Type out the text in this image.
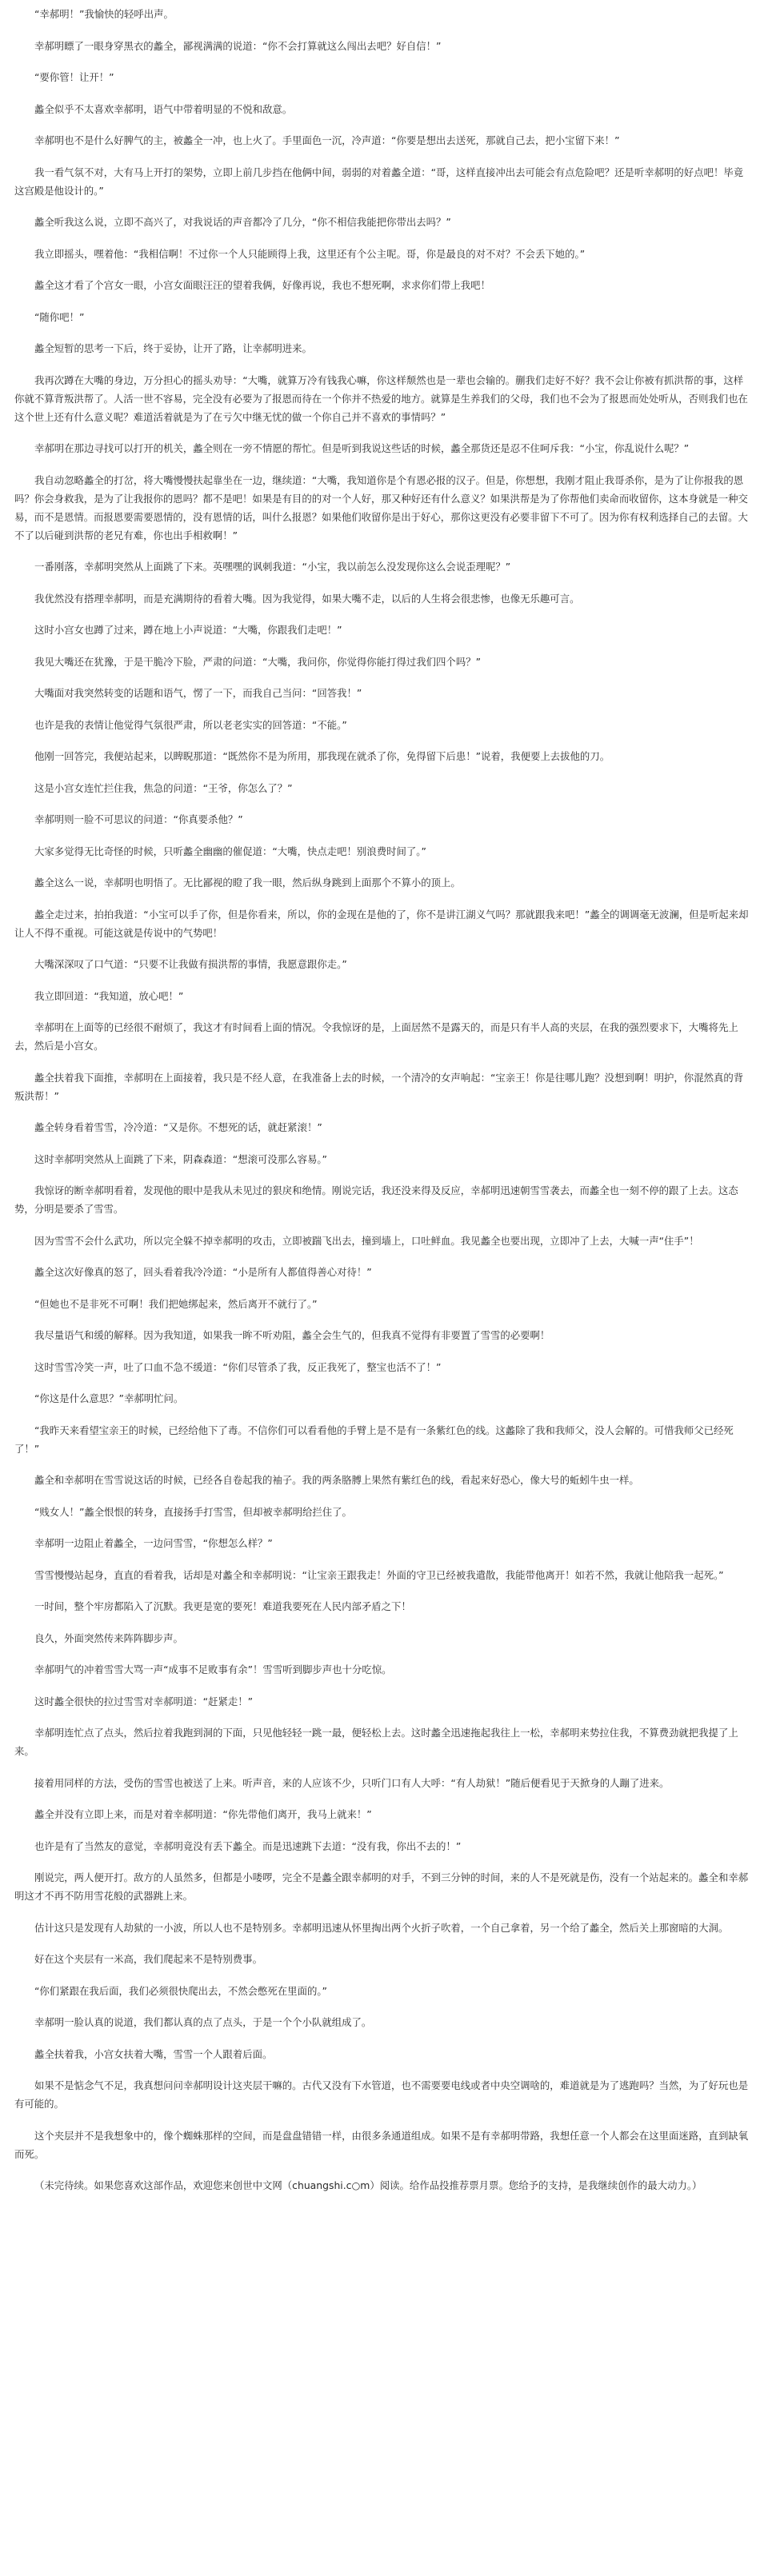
“幸郝明！”我愉快的轻呼出声。

幸郝明瞟了一眼身穿黑衣的蠡全，鄙视满满的说道：“你不会打算就这么闯出去吧？好自信！”

“要你管！让开！”

蠡全似乎不太喜欢幸郝明，语气中带着明显的不悦和敌意。

幸郝明也不是什么好脾气的主，被蠡全一冲，也上火了。手里面色一沉，冷声道：“你要是想出去送死，那就自己去，把小宝留下来！”

我一看气氛不对，大有马上开打的架势，立即上前几步挡在他俩中间，弱弱的对着蠡全道：“哥，这样直接冲出去可能会有点危险吧？还是听幸郝明的好点吧！毕竟这宫殿是他设计的。”

蠡全听我这么说，立即不高兴了，对我说话的声音都冷了几分，“你不相信我能把你带出去吗？”

我立即摇头，嘿着他：“我相信啊！不过你一个人只能顾得上我，这里还有个公主呢。哥，你是最良的对不对？不会丢下她的。”

蠡全这才看了个宫女一眼，小宫女面眼汪汪的望着我俩，好像再说，我也不想死啊，求求你们带上我吧！

“随你吧！”

蠡全短暂的思考一下后，终于妥协，让开了路，让幸郝明进来。

我再次蹲在大嘴的身边，万分担心的摇头劝导：“大嘴，就算万冷有钱我心嘛，你这样颓然也是一辈也会输的。蒯我们走好不好？我不会让你被有抓洪帮的事，这样你就不算背叛洪帮了。人活一世不容易，完全没有必要为了报恩而待在一个你并不热爱的地方。就算是生养我们的父母，我们也不会为了报恩而处处听从，否则我们也在这个世上还有什么意义呢？难道活着就是为了在亏欠中继无忧的做一个你自己并不喜欢的事情吗？”

幸郝明在那边寻找可以打开的机关，蠡全则在一旁不情愿的帮忙。但是听到我说这些话的时候，蠡全那货还是忍不住呵斥我：“小宝，你乱说什么呢？”

我自动忽略蠡全的打岔，将大嘴慢慢扶起靠坐在一边，继续道：“大嘴，我知道你是个有恩必报的汉子。但是，你想想，我刚才阻止我哥杀你，是为了让你报我的恩吗？你会身救我，是为了让我报你的恩吗？都不是吧！如果是有目的的对一个人好，那又种好还有什么意义？如果洪帮是为了你帮他们卖命而收留你，这本身就是一种交易，而不是恩情。而报恩要需要恩情的，没有恩情的话，叫什么报恩？如果他们收留你是出于好心，那你这更没有必要非留下不可了。因为你有权利选择自己的去留。大不了以后碰到洪帮的老兄有难，你也出手相救啊！”

一番刚落，幸郝明突然从上面跳了下来。英嘿嘿的讽刺我道：“小宝，我以前怎么没发现你这么会说歪理呢？”

我优然没有搭理幸郝明，而是充满期待的看着大嘴。因为我觉得，如果大嘴不走，以后的人生将会很悲惨，也像无乐趣可言。

这时小宫女也蹲了过来，蹲在地上小声说道：“大嘴，你跟我们走吧！”

我见大嘴还在犹豫，于是干脆冷下脸，严肃的问道：“大嘴，我问你，你觉得你能打得过我们四个吗？”

大嘴面对我突然转变的话题和语气，愣了一下，而我自己当问：“回答我！”

也许是我的表情让他觉得气氛很严肃，所以老老实实的回答道：“不能。”

他刚一回答完，我便站起来，以睥睨那道：“既然你不是为所用，那我现在就杀了你，免得留下后患！”说着，我便要上去拔他的刀。

这是小宫女连忙拦住我，焦急的问道：“王爷，你怎么了？”

幸郝明则一脸不可思议的问道：“你真要杀他？”

大家多觉得无比奇怪的时候，只听蠡全幽幽的催促道：“大嘴，快点走吧！别浪费时间了。”

蠡全这么一说，幸郝明也明悟了。无比鄙视的瞪了我一眼，然后纵身跳到上面那个不算小的顶上。

蠡全走过来，拍拍我道：“小宝可以手了你，但是你看来，所以，你的金现在是他的了，你不是讲江湖义气吗？那就跟我来吧！”蠡全的调调毫无波澜，但是听起来却让人不得不重视。可能这就是传说中的气势吧！

大嘴深深叹了口气道：“只要不让我做有损洪帮的事情，我愿意跟你走。”

我立即回道：“我知道，放心吧！”

幸郝明在上面等的已经很不耐烦了，我这才有时间看上面的情况。令我惊讶的是，上面居然不是露天的，而是只有半人高的夹层，在我的强烈要求下，大嘴将先上去，然后是小宫女。

蠡全扶着我下面推，幸郝明在上面接着，我只是不经人意，在我准备上去的时候，一个清冷的女声响起：“宝亲王！你是往哪儿跑？没想到啊！明护，你混然真的背叛洪帮！”

蠡全转身看着雪雪，冷冷道：“又是你。不想死的话，就赶紧滚！”

这时幸郝明突然从上面跳了下来，阴森森道：“想滚可没那么容易。”

我惊讶的断幸郝明看着，发现他的眼中是我从未见过的狠戾和绝情。刚说完话，我还没来得及反应，幸郝明迅速朝雪雪袭去，而蠡全也一刻不停的跟了上去。这态势，分明是要杀了雪雪。

因为雪雪不会什么武功，所以完全躲不掉幸郝明的攻击，立即被踹飞出去，撞到墙上，口吐鲜血。我见蠡全也要出现，立即冲了上去，大喊一声“住手”！

蠡全这次好像真的怒了，回头看着我冷冷道：“小是所有人都值得善心对待！”

“但她也不是非死不可啊！我们把她绑起来，然后离开不就行了。”

我尽量语气和缓的解释。因为我知道，如果我一眸不听劝阻，蠡全会生气的，但我真不觉得有非要置了雪雪的必要啊！

这时雪雪冷笑一声，吐了口血不急不缓道：“你们尽管杀了我，反正我死了，整宝也活不了！”

“你这是什么意思？”幸郝明忙问。

“我昨天来看望宝亲王的时候，已经给他下了毒。不信你们可以看看他的手臂上是不是有一条紫红色的线。这蠡除了我和我师父，没人会解的。可惜我师父已经死了！”

蠡全和幸郝明在雪雪说这话的时候，已经各自卷起我的袖子。我的两条胳膊上果然有紫红色的线，看起来好恐心，像大号的蚯蚓牛虫一样。

“贱女人！”蠡全恨恨的转身，直接扬手打雪雪，但却被幸郝明给拦住了。

幸郝明一边阻止着蠡全，一边问雪雪，“你想怎么样？”

雪雪慢慢站起身，直直的看着我，话却是对蠡全和幸郝明说：“让宝亲王跟我走！外面的守卫已经被我遣散，我能带他离开！如若不然，我就让他陪我一起死。”

一时间，整个牢房都陷入了沉默。我更是宽的要死！难道我要死在人民内部矛盾之下！

良久，外面突然传来阵阵脚步声。

幸郝明气的冲着雪雪大骂一声“成事不足败事有余”！雪雪听到脚步声也十分吃惊。

这时蠡全很快的拉过雪雪对幸郝明道：“赶紧走！”

幸郝明连忙点了点头，然后拉着我跑到洞的下面，只见他轻轻一跳一最，便轻松上去。这时蠡全迅速拖起我往上一松，幸郝明来势拉住我，不算费劲就把我提了上来。

接着用同样的方法，受伤的雪雪也被送了上来。听声音，来的人应该不少，只听门口有人大呼：“有人劫狱！”随后便看见于天掀身的人蹦了进来。

蠡全并没有立即上来，而是对着幸郝明道：“你先带他们离开，我马上就来！”

也许是有了当然友的意觉，幸郝明竟没有丢下蠡全。而是迅速跳下去道：“没有我，你出不去的！”

刚说完，两人便开打。敌方的人虽然多，但都是小喽啰，完全不是蠡全跟幸郝明的对手，不到三分钟的时间，来的人不是死就是伤，没有一个站起来的。蠡全和幸郝明这才不再不防用雪花般的武器跳上来。

估计这只是发现有人劫狱的一小波，所以人也不是特别多。幸郝明迅速从怀里掏出两个火折子吹着，一个自己拿着，另一个给了蠡全，然后关上那窗暗的大洞。

好在这个夹层有一米高，我们爬起来不是特别费事。

“你们紧跟在我后面，我们必须很快爬出去，不然会憋死在里面的。”

幸郝明一脸认真的说道，我们都认真的点了点头，于是一个个小队就组成了。

蠡全扶着我，小宫女扶着大嘴，雪雪一个人跟着后面。

如果不是惦念气不足，我真想问问幸郝明设计这夹层干嘛的。古代又没有下水管道，也不需要要电线或者中央空调啥的，难道就是为了逃跑吗？当然，为了好玩也是有可能的。

这个夹层并不是我想象中的，像个蜘蛛那样的空间，而是盘盘错错一样，由很多条通道组成。如果不是有幸郝明带路，我想任意一个人都会在这里面迷路，直到缺氧而死。

（未完待续。如果您喜欢这部作品，欢迎您来创世中文网（chuangshi.c○m）阅读。给作品投推荐票月票。您给予的支持，是我继续创作的最大动力。）
